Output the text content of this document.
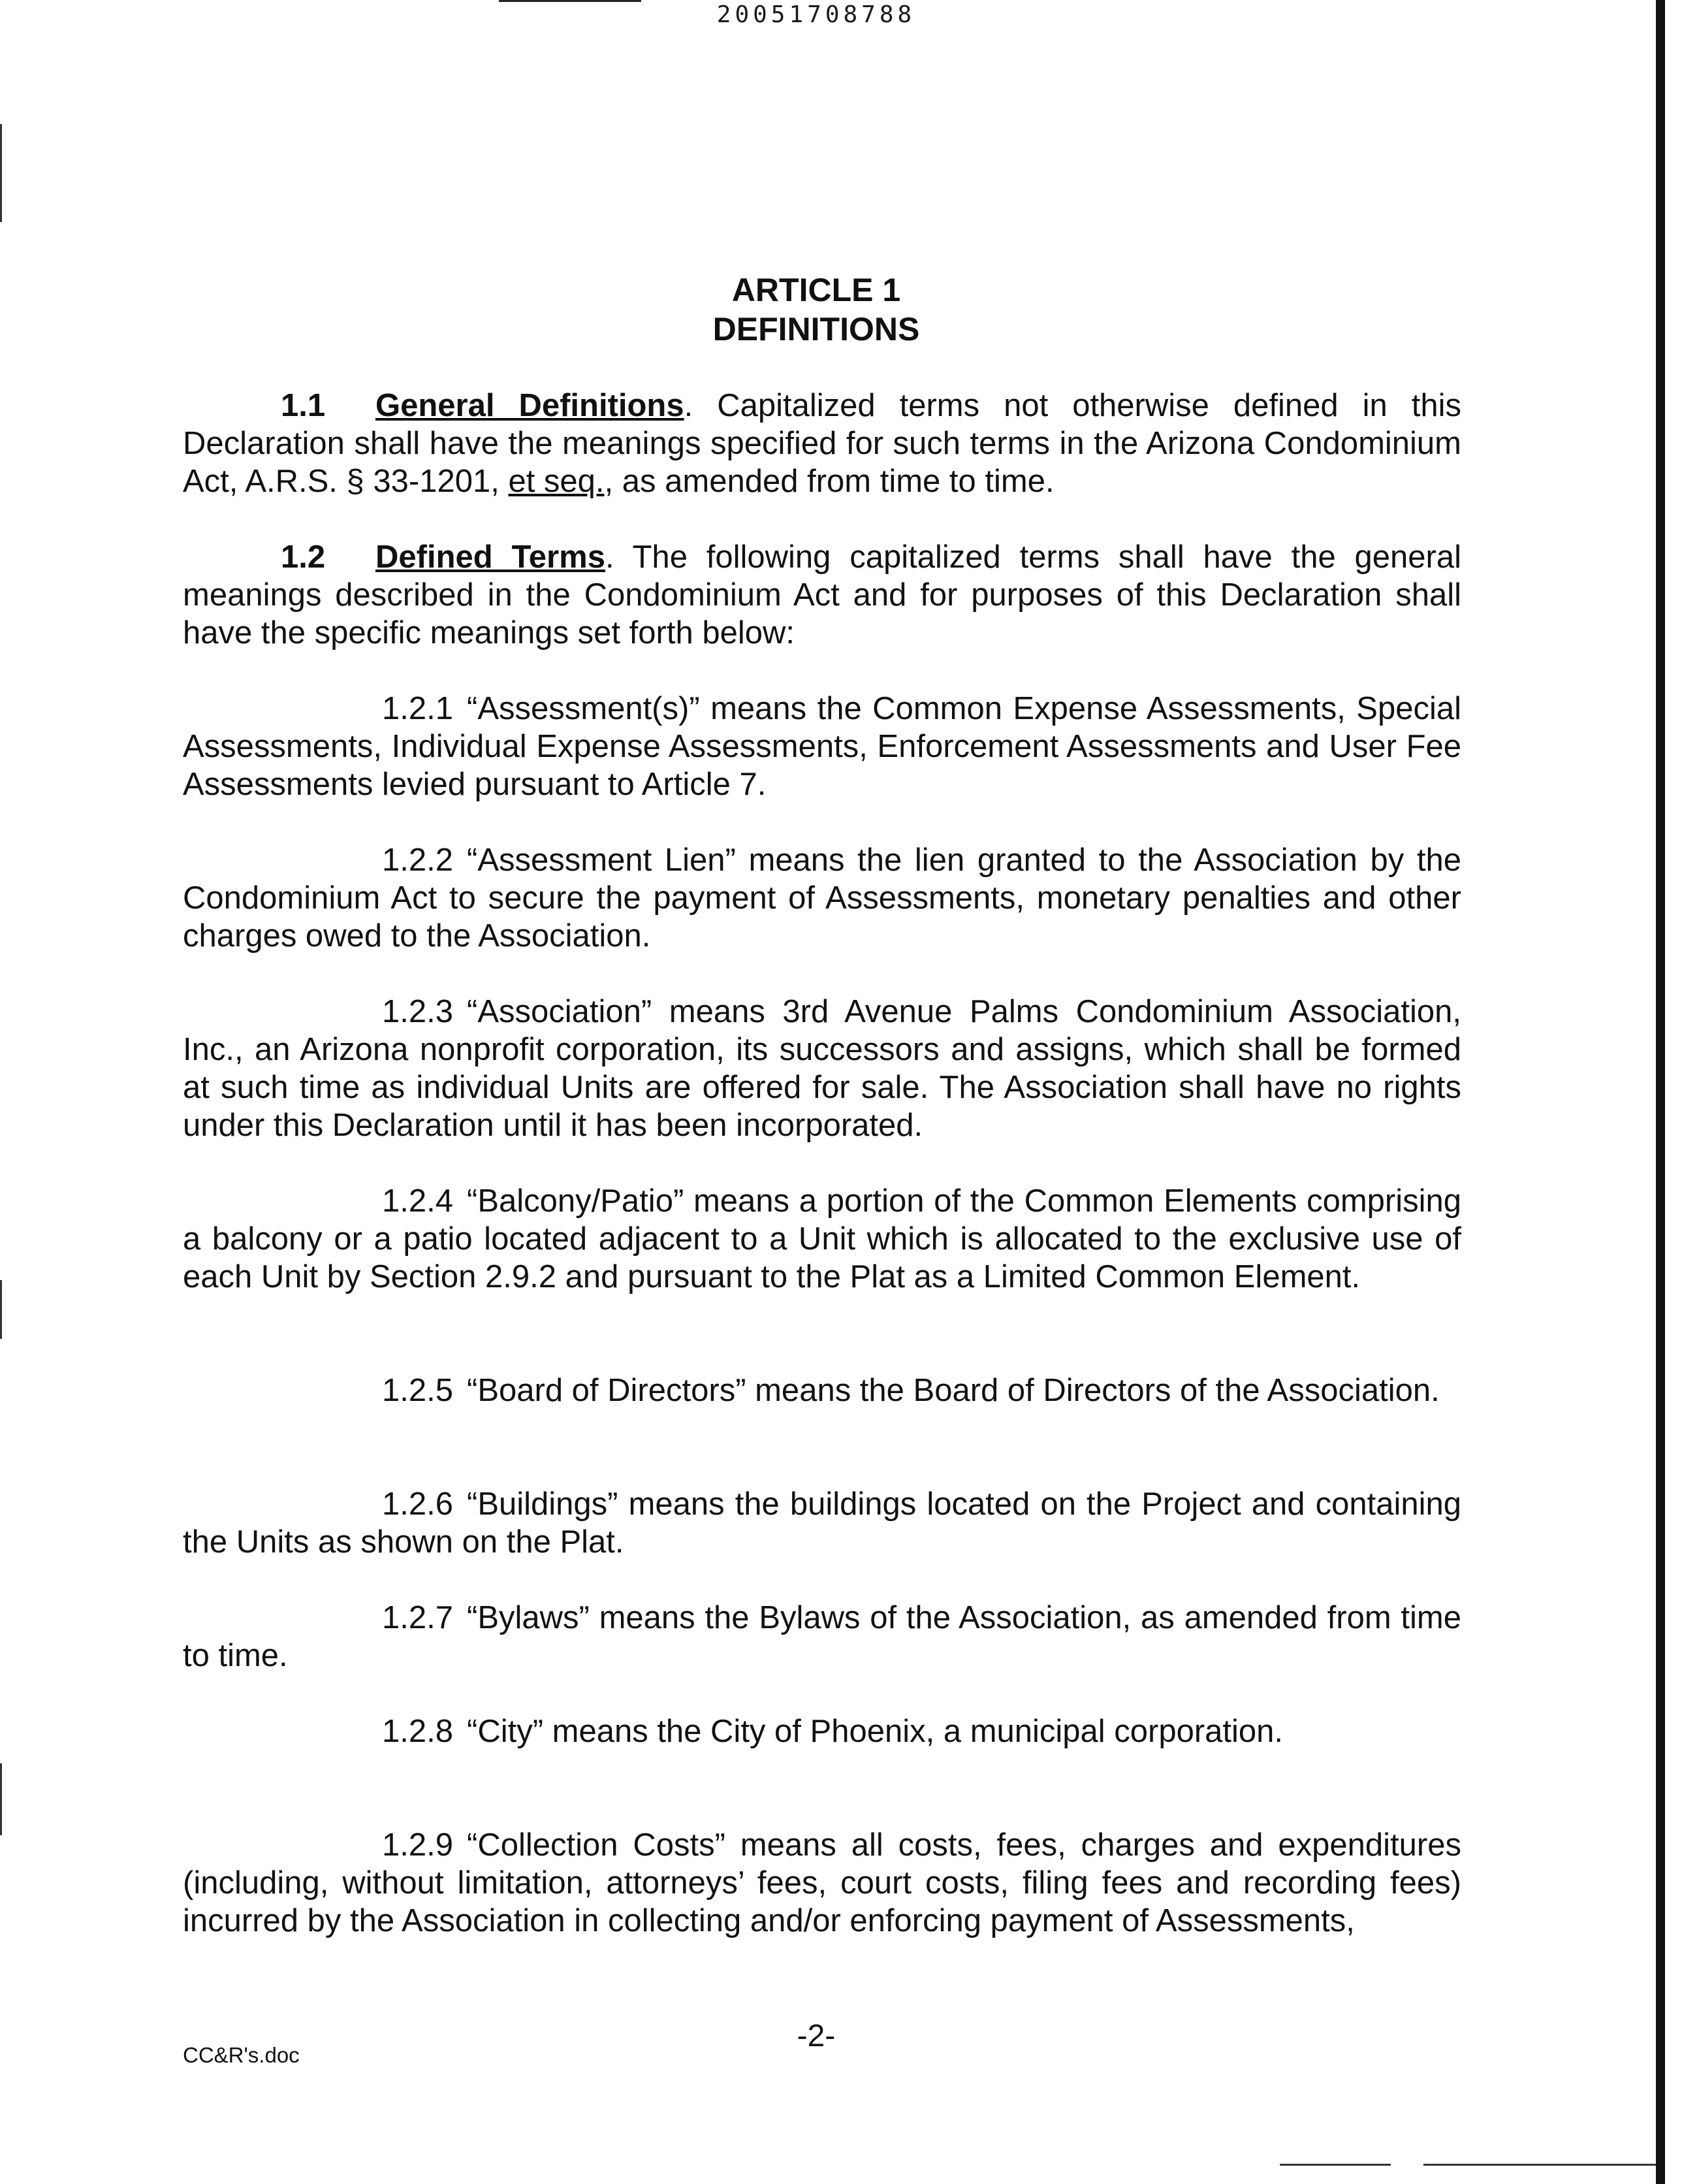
20051708788
ARTICLE 1
DEFINITIONS
1.1 General Definitions. Capitalized terms not otherwise defined in this Declaration shall have the meanings specified for such terms in the Arizona Condominium Act, A.R.S. § 33-1201, et seq., as amended from time to time.
1.2 Defined Terms. The following capitalized terms shall have the general meanings described in the Condominium Act and for purposes of this Declaration shall have the specific meanings set forth below:
1.2.1 “Assessment(s)” means the Common Expense Assessments, Special Assessments, Individual Expense Assessments, Enforcement Assessments and User Fee Assessments levied pursuant to Article 7.
1.2.2 “Assessment Lien” means the lien granted to the Association by the Condominium Act to secure the payment of Assessments, monetary penalties and other charges owed to the Association.
1.2.3 “Association” means 3rd Avenue Palms Condominium Association, Inc., an Arizona nonprofit corporation, its successors and assigns, which shall be formed at such time as individual Units are offered for sale. The Association shall have no rights under this Declaration until it has been incorporated.
1.2.4 “Balcony/Patio” means a portion of the Common Elements comprising a balcony or a patio located adjacent to a Unit which is allocated to the exclusive use of each Unit by Section 2.9.2 and pursuant to the Plat as a Limited Common Element.
1.2.5 “Board of Directors” means the Board of Directors of the Association.
1.2.6 “Buildings” means the buildings located on the Project and containing the Units as shown on the Plat.
1.2.7 “Bylaws” means the Bylaws of the Association, as amended from time to time.
1.2.8 “City” means the City of Phoenix, a municipal corporation.
1.2.9 “Collection Costs” means all costs, fees, charges and expenditures (including, without limitation, attorneys’ fees, court costs, filing fees and recording fees) incurred by the Association in collecting and/or enforcing payment of Assessments,
-2-
CC&R's.doc
